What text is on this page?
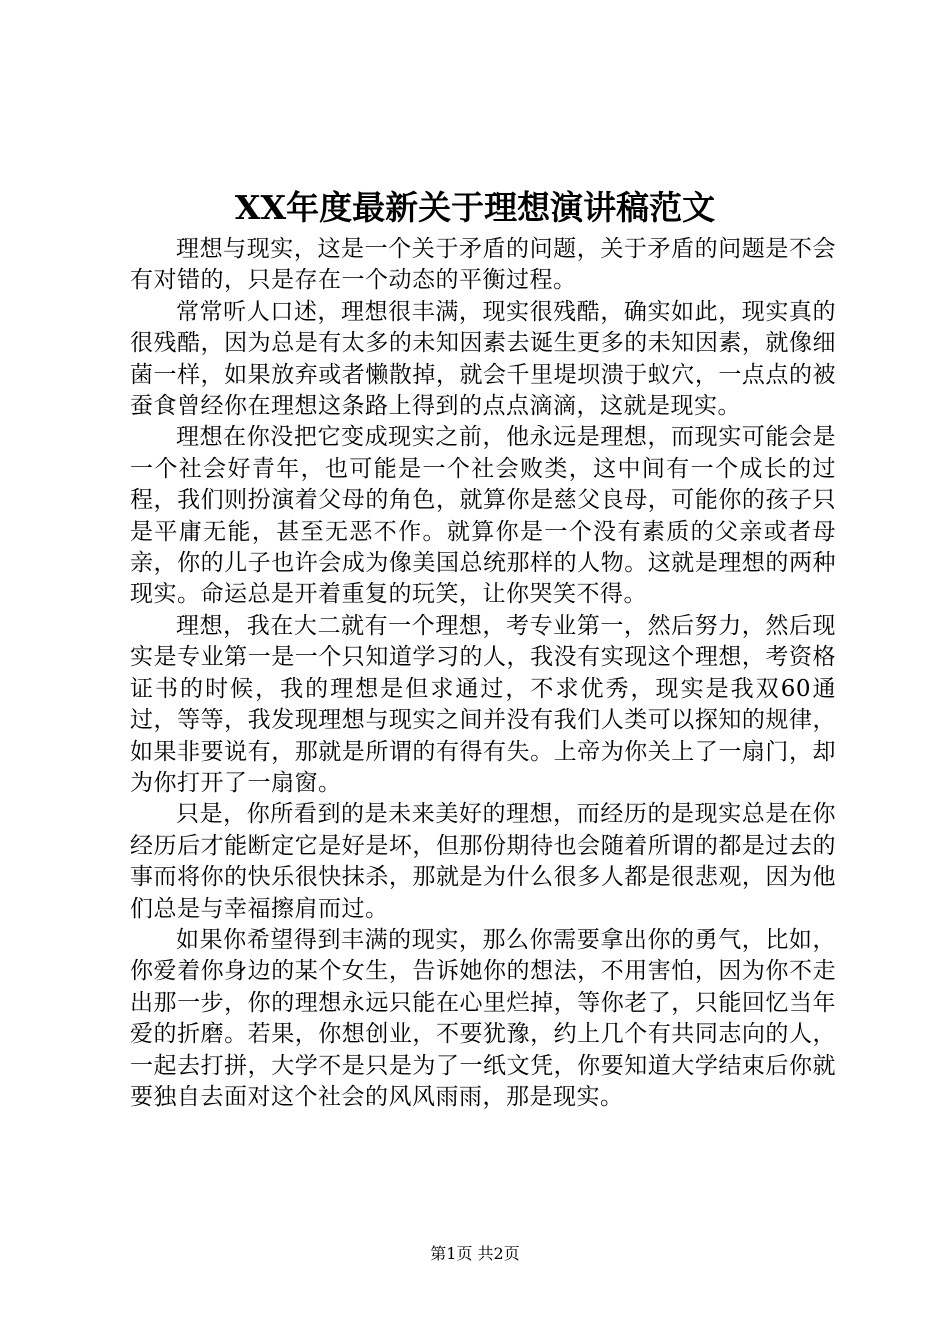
XX年度最新关于理想演讲稿范文

理想与现实，这是一个关于矛盾的问题，关于矛盾的问题是不会有对错的，只是存在一个动态的平衡过程。

常常听人口述，理想很丰满，现实很残酷，确实如此，现实真的很残酷，因为总是有太多的未知因素去诞生更多的未知因素，就像细菌一样，如果放弃或者懒散掉，就会千里堤坝溃于蚁穴，一点点的被蚕食曾经你在理想这条路上得到的点点滴滴，这就是现实。

理想在你没把它变成现实之前，他永远是理想，而现实可能会是一个社会好青年，也可能是一个社会败类，这中间有一个成长的过程，我们则扮演着父母的角色，就算你是慈父良母，可能你的孩子只是平庸无能，甚至无恶不作。就算你是一个没有素质的父亲或者母亲，你的儿子也许会成为像美国总统那样的人物。这就是理想的两种现实。命运总是开着重复的玩笑，让你哭笑不得。

理想，我在大二就有一个理想，考专业第一，然后努力，然后现实是专业第一是一个只知道学习的人，我没有实现这个理想，考资格证书的时候，我的理想是但求通过，不求优秀，现实是我双60通过，等等，我发现理想与现实之间并没有我们人类可以探知的规律，如果非要说有，那就是所谓的有得有失。上帝为你关上了一扇门，却为你打开了一扇窗。

只是，你所看到的是未来美好的理想，而经历的是现实总是在你经历后才能断定它是好是坏，但那份期待也会随着所谓的都是过去的事而将你的快乐很快抹杀，那就是为什么很多人都是很悲观，因为他们总是与幸福擦肩而过。

如果你希望得到丰满的现实，那么你需要拿出你的勇气，比如，你爱着你身边的某个女生，告诉她你的想法，不用害怕，因为你不走出那一步，你的理想永远只能在心里烂掉，等你老了，只能回忆当年爱的折磨。若果，你想创业，不要犹豫，约上几个有共同志向的人，一起去打拼，大学不是只是为了一纸文凭，你要知道大学结束后你就要独自去面对这个社会的风风雨雨，那是现实。

第1页 共2页
